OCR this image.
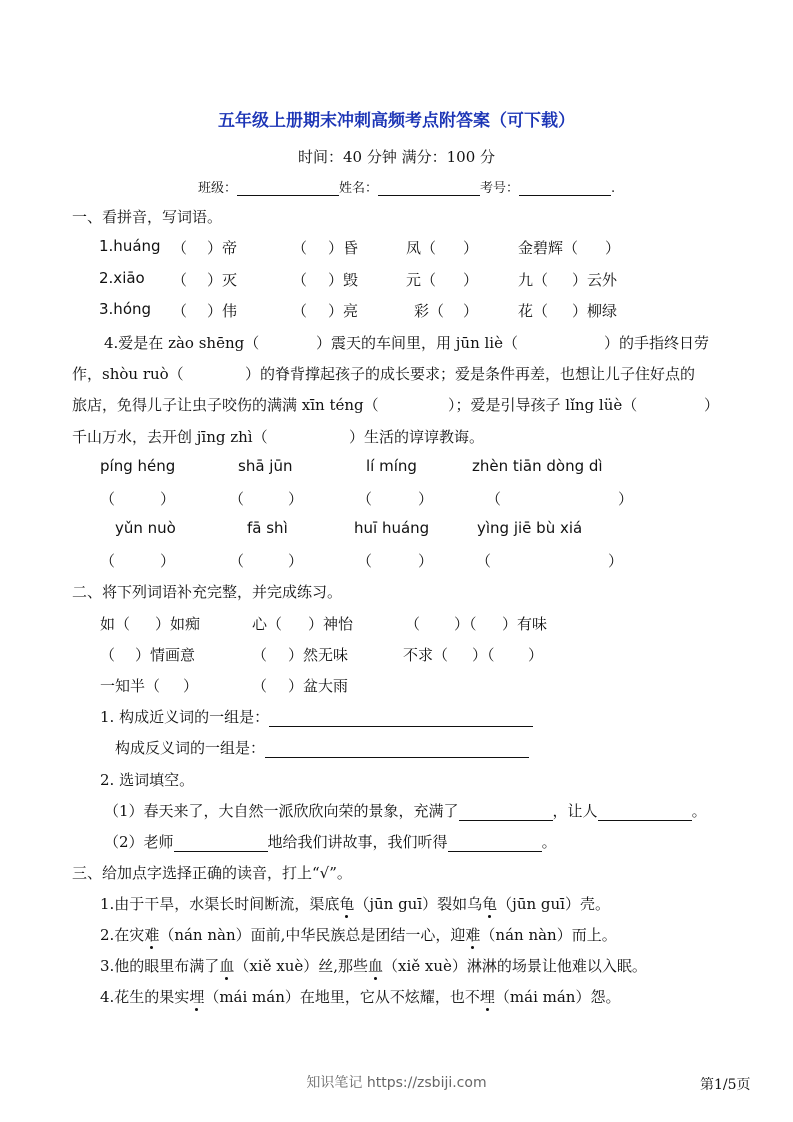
五年级上册期末冲刺高频考点附答案（可下载）
时间：40 分钟 满分：100 分
班级：	姓名：	考号：	.
一、看拼音，写词语。
1.huáng （ ）帝	（ ）昏	凤（ ）	金碧辉（ ）
2.xiāo （ ）灭	（ ）毁	元（ ）	九（ ）云外
3.hóng （ ）伟	（ ）亮	彩（ ）	花（ ）柳绿
4.爱是在 zào shēng（	）震天的车间里，用 jūn liè（	）的手指终日劳
作，shòu ruò（	）的脊背撑起孩子的成长要求；爱是条件再差，也想让儿子住好点的
旅店，免得儿子让虫子咬伤的满满 xīn téng（	）；爱是引导孩子 lǐng lüè（	）
千山万水，去开创 jīng zhì（	）生活的谆谆教诲。
píng héng	shā jūn	lí míng	zhèn tiān dòng dì
（	）	（	）	（	）	（	）
yǔn nuò	fā shì	huī huáng	yìng jiē bù xiá
（	）	（	）	（	）	（	）
二、将下列词语补充完整，并完成练习。
如（ ）如痴	心（ ）神怡	（ ）（ ）有味
（ ）情画意	（ ）然无味	不求（ ）（ ）
一知半（ ）	（ ）盆大雨
1. 构成近义词的一组是：
构成反义词的一组是：
2. 选词填空。
（1）春天来了，大自然一派欣欣向荣的景象，充满了	，让人	。
（2）老师	地给我们讲故事，我们听得	。
三、给加点字选择正确的读音，打上“√”。
1.由于干旱，水渠长时间断流，渠底龟（jūn guī）裂如乌龟（jūn guī）壳。
2.在灾难（nán nàn）面前,中华民族总是团结一心，迎难（nán nàn）而上。
3.他的眼里布满了血（xiě xuè）丝,那些血（xiě xuè）淋淋的场景让他难以入眠。
4.花生的果实埋（mái mán）在地里，它从不炫耀，也不埋（mái mán）怨。
知识笔记 https://zsbiji.com	第1/5页
